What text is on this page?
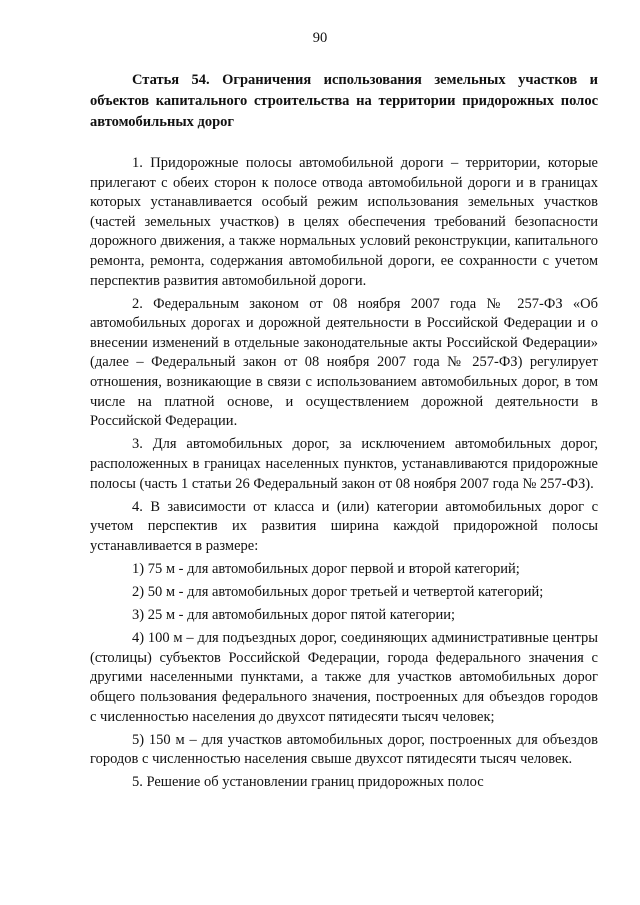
90
Статья 54. Ограничения использования земельных участков и объектов капитального строительства на территории придорожных полос автомобильных дорог

1. Придорожные полосы автомобильной дороги – территории, которые прилегают с обеих сторон к полосе отвода автомобильной дороги и в границах которых устанавливается особый режим использования земельных участков (частей земельных участков) в целях обеспечения требований безопасности дорожного движения, а также нормальных условий реконструкции, капитального ремонта, ремонта, содержания автомобильной дороги, ее сохранности с учетом перспектив развития автомобильной дороги.

2. Федеральным законом от 08 ноября 2007 года № 257-ФЗ «Об автомобильных дорогах и дорожной деятельности в Российской Федерации и о внесении изменений в отдельные законодательные акты Российской Федерации» (далее – Федеральный закон от 08 ноября 2007 года № 257-ФЗ) регулирует отношения, возникающие в связи с использованием автомобильных дорог, в том числе на платной основе, и осуществлением дорожной деятельности в Российской Федерации.

3. Для автомобильных дорог, за исключением автомобильных дорог, расположенных в границах населенных пунктов, устанавливаются придорожные полосы (часть 1 статьи 26 Федеральный закон от 08 ноября 2007 года № 257-ФЗ).

4. В зависимости от класса и (или) категории автомобильных дорог с учетом перспектив их развития ширина каждой придорожной полосы устанавливается в размере:

1) 75 м - для автомобильных дорог первой и второй категорий;

2) 50 м - для автомобильных дорог третьей и четвертой категорий;

3) 25 м - для автомобильных дорог пятой категории;

4) 100 м – для подъездных дорог, соединяющих административные центры (столицы) субъектов Российской Федерации, города федерального значения с другими населенными пунктами, а также для участков автомобильных дорог общего пользования федерального значения, построенных для объездов городов с численностью населения до двухсот пятидесяти тысяч человек;

5) 150 м – для участков автомобильных дорог, построенных для объездов городов с численностью населения свыше двухсот пятидесяти тысяч человек.

5. Решение об установлении границ придорожных полос
